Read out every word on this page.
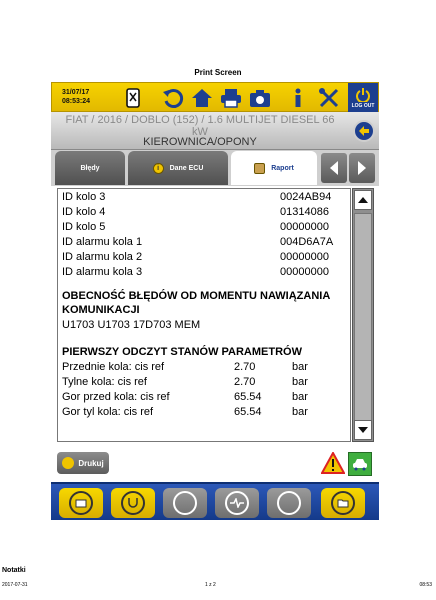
Print Screen
31/07/17
08:53:24
LOG OUT
FIAT / 2016 / DOBLO (152) / 1.6 MULTIJET DIESEL 66 kW
KIEROWNICA/OPONY
Błędy	i	Dane ECU	Raport
ID kolo 3	0024AB94
ID kolo 4	01314086
ID kolo 5	00000000
ID alarmu kola 1	004D6A7A
ID alarmu kola 2	00000000
ID alarmu kola 3	00000000
OBECNOŚĆ BŁĘDÓW OD MOMENTU NAWIĄZANIA
KOMUNIKACJI
U1703 U1703 17D703 MEM
PIERWSZY ODCZYT STANÓW PARAMETRÓW
Przednie kola: cis ref	2.70	bar
Tylne kola: cis ref	2.70	bar
Gor przed kola: cis ref	65.54	bar
Gor tyl kola: cis ref	65.54	bar
Drukuj
Notatki
2017-07-31	1 z 2	08:53
